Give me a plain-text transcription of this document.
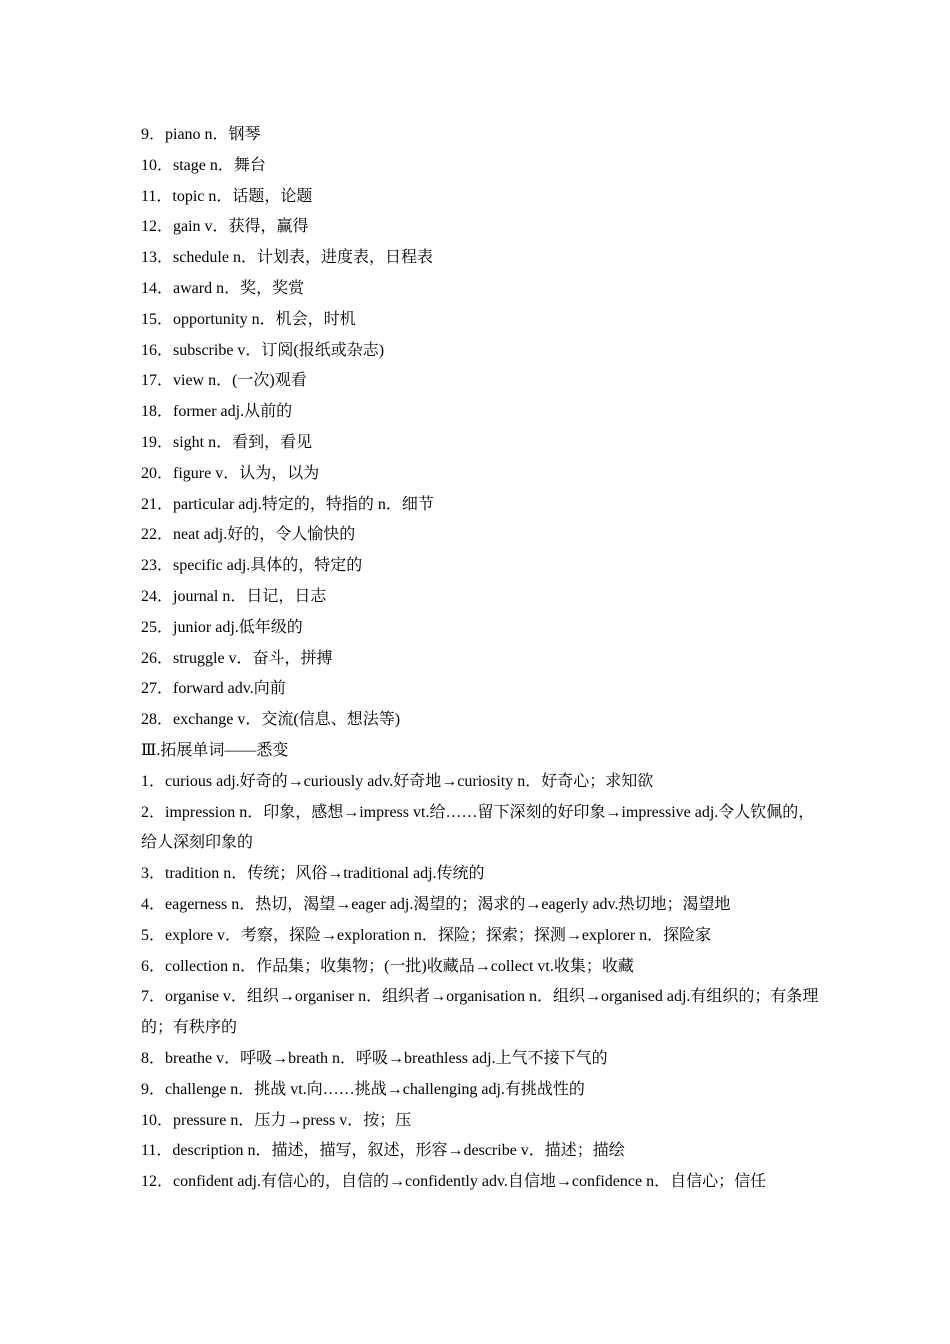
9．piano n．钢琴
10．stage n．舞台
11．topic n．话题，论题
12．gain v．获得，赢得
13．schedule n．计划表，进度表，日程表
14．award n．奖，奖赏
15．opportunity n．机会，时机
16．subscribe v．订阅(报纸或杂志)
17．view n．(一次)观看
18．former adj.从前的
19．sight n．看到，看见
20．figure v．认为，以为
21．particular adj.特定的，特指的 n．细节
22．neat adj.好的，令人愉快的
23．specific adj.具体的，特定的
24．journal n．日记，日志
25．junior adj.低年级的
26．struggle v．奋斗，拼搏
27．forward adv.向前
28．exchange v．交流(信息、想法等)
Ⅲ.拓展单词——悉变
1．curious adj.好奇的→curiously adv.好奇地→curiosity n．好奇心；求知欲
2．impression n．印象，感想→impress vt.给……留下深刻的好印象→impressive adj.令人钦佩的，给人深刻印象的
3．tradition n．传统；风俗→traditional adj.传统的
4．eagerness n．热切，渴望→eager adj.渴望的；渴求的→eagerly adv.热切地；渴望地
5．explore v．考察，探险→exploration n．探险；探索；探测→explorer n．探险家
6．collection n．作品集；收集物；(一批)收藏品→collect vt.收集；收藏
7．organise v．组织→organiser n．组织者→organisation n．组织→organised adj.有组织的；有条理的；有秩序的
8．breathe v．呼吸→breath n．呼吸→breathless adj.上气不接下气的
9．challenge n．挑战 vt.向……挑战→challenging adj.有挑战性的
10．pressure n．压力→press v．按；压
11．description n．描述，描写，叙述，形容→describe v．描述；描绘
12．confident adj.有信心的，自信的→confidently adv.自信地→confidence n．自信心；信任
